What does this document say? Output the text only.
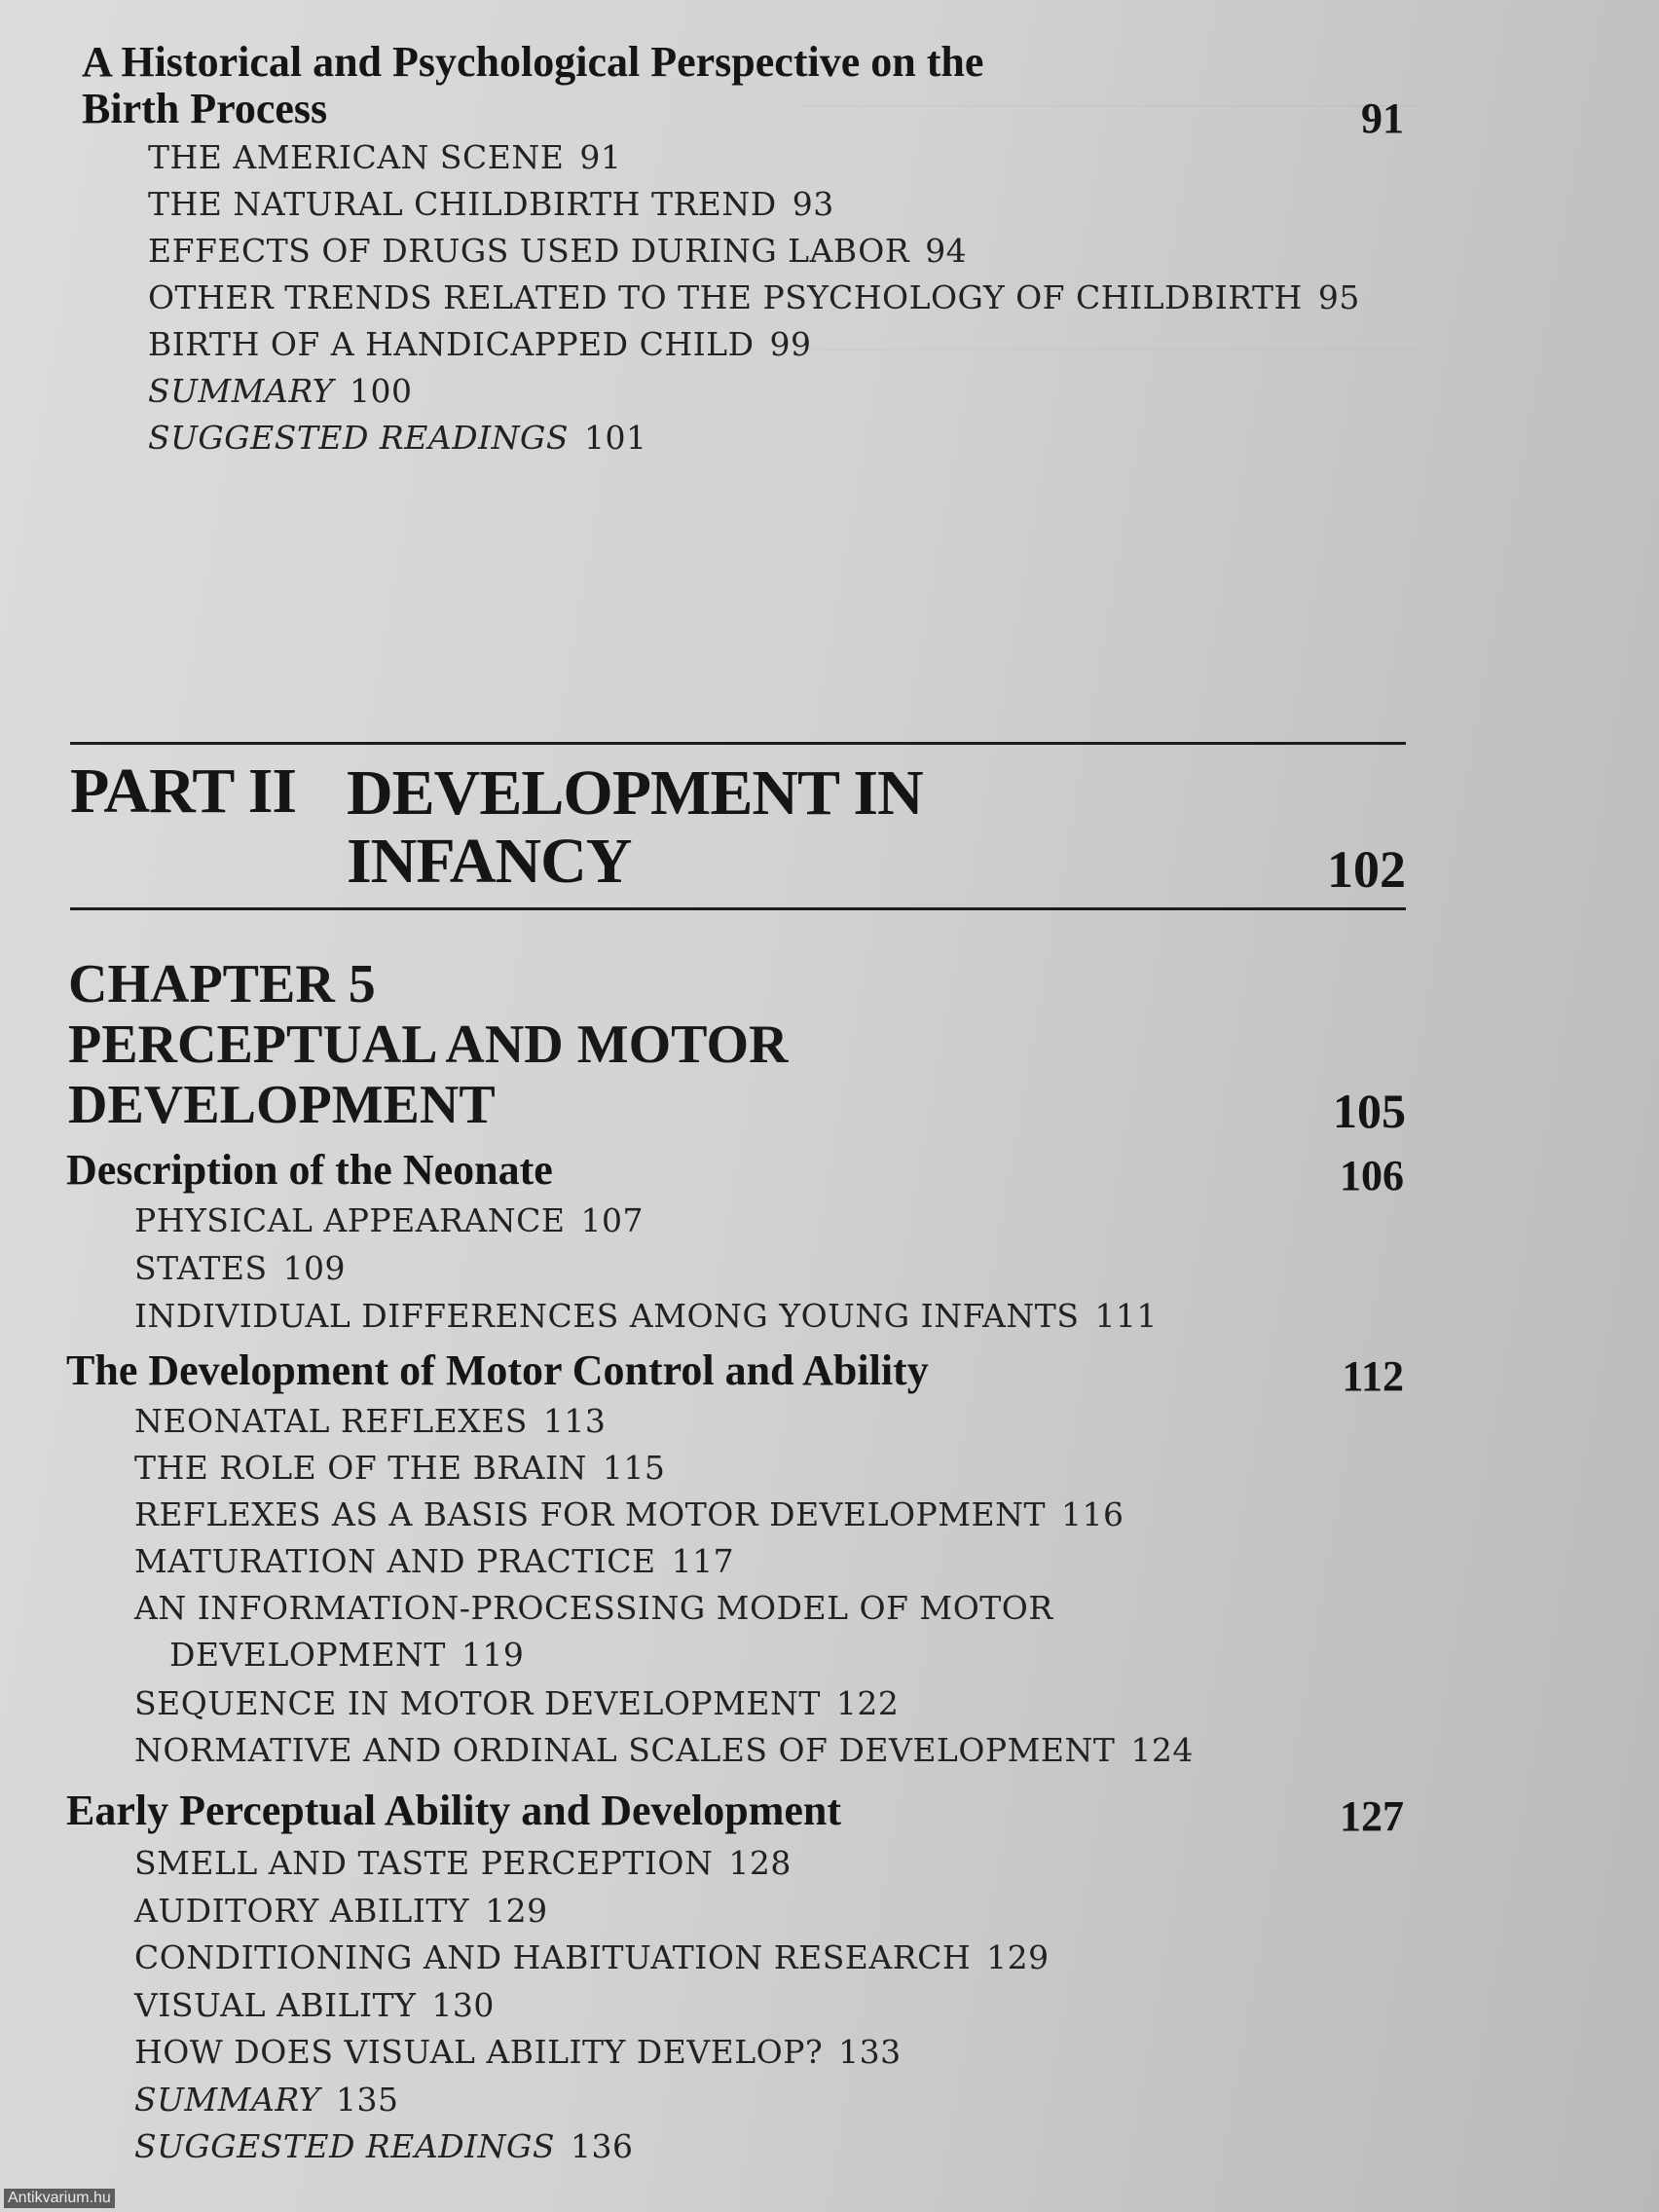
A Historical and Psychological Perspective on the
Birth Process	91
THE AMERICAN SCENE 91
THE NATURAL CHILDBIRTH TREND 93
EFFECTS OF DRUGS USED DURING LABOR 94
OTHER TRENDS RELATED TO THE PSYCHOLOGY OF CHILDBIRTH 95
BIRTH OF A HANDICAPPED CHILD 99
SUMMARY 100
SUGGESTED READINGS 101
PART II DEVELOPMENT IN
INFANCY	102
CHAPTER 5
PERCEPTUAL AND MOTOR
DEVELOPMENT	105
Description of the Neonate	106
PHYSICAL APPEARANCE 107
STATES 109
INDIVIDUAL DIFFERENCES AMONG YOUNG INFANTS 111
The Development of Motor Control and Ability	112
NEONATAL REFLEXES 113
THE ROLE OF THE BRAIN 115
REFLEXES AS A BASIS FOR MOTOR DEVELOPMENT 116
MATURATION AND PRACTICE 117
AN INFORMATION-PROCESSING MODEL OF MOTOR
DEVELOPMENT 119
SEQUENCE IN MOTOR DEVELOPMENT 122
NORMATIVE AND ORDINAL SCALES OF DEVELOPMENT 124
Early Perceptual Ability and Development	127
SMELL AND TASTE PERCEPTION 128
AUDITORY ABILITY 129
CONDITIONING AND HABITUATION RESEARCH 129
VISUAL ABILITY 130
HOW DOES VISUAL ABILITY DEVELOP? 133
SUMMARY 135
SUGGESTED READINGS 136
Antikvarium.hu
